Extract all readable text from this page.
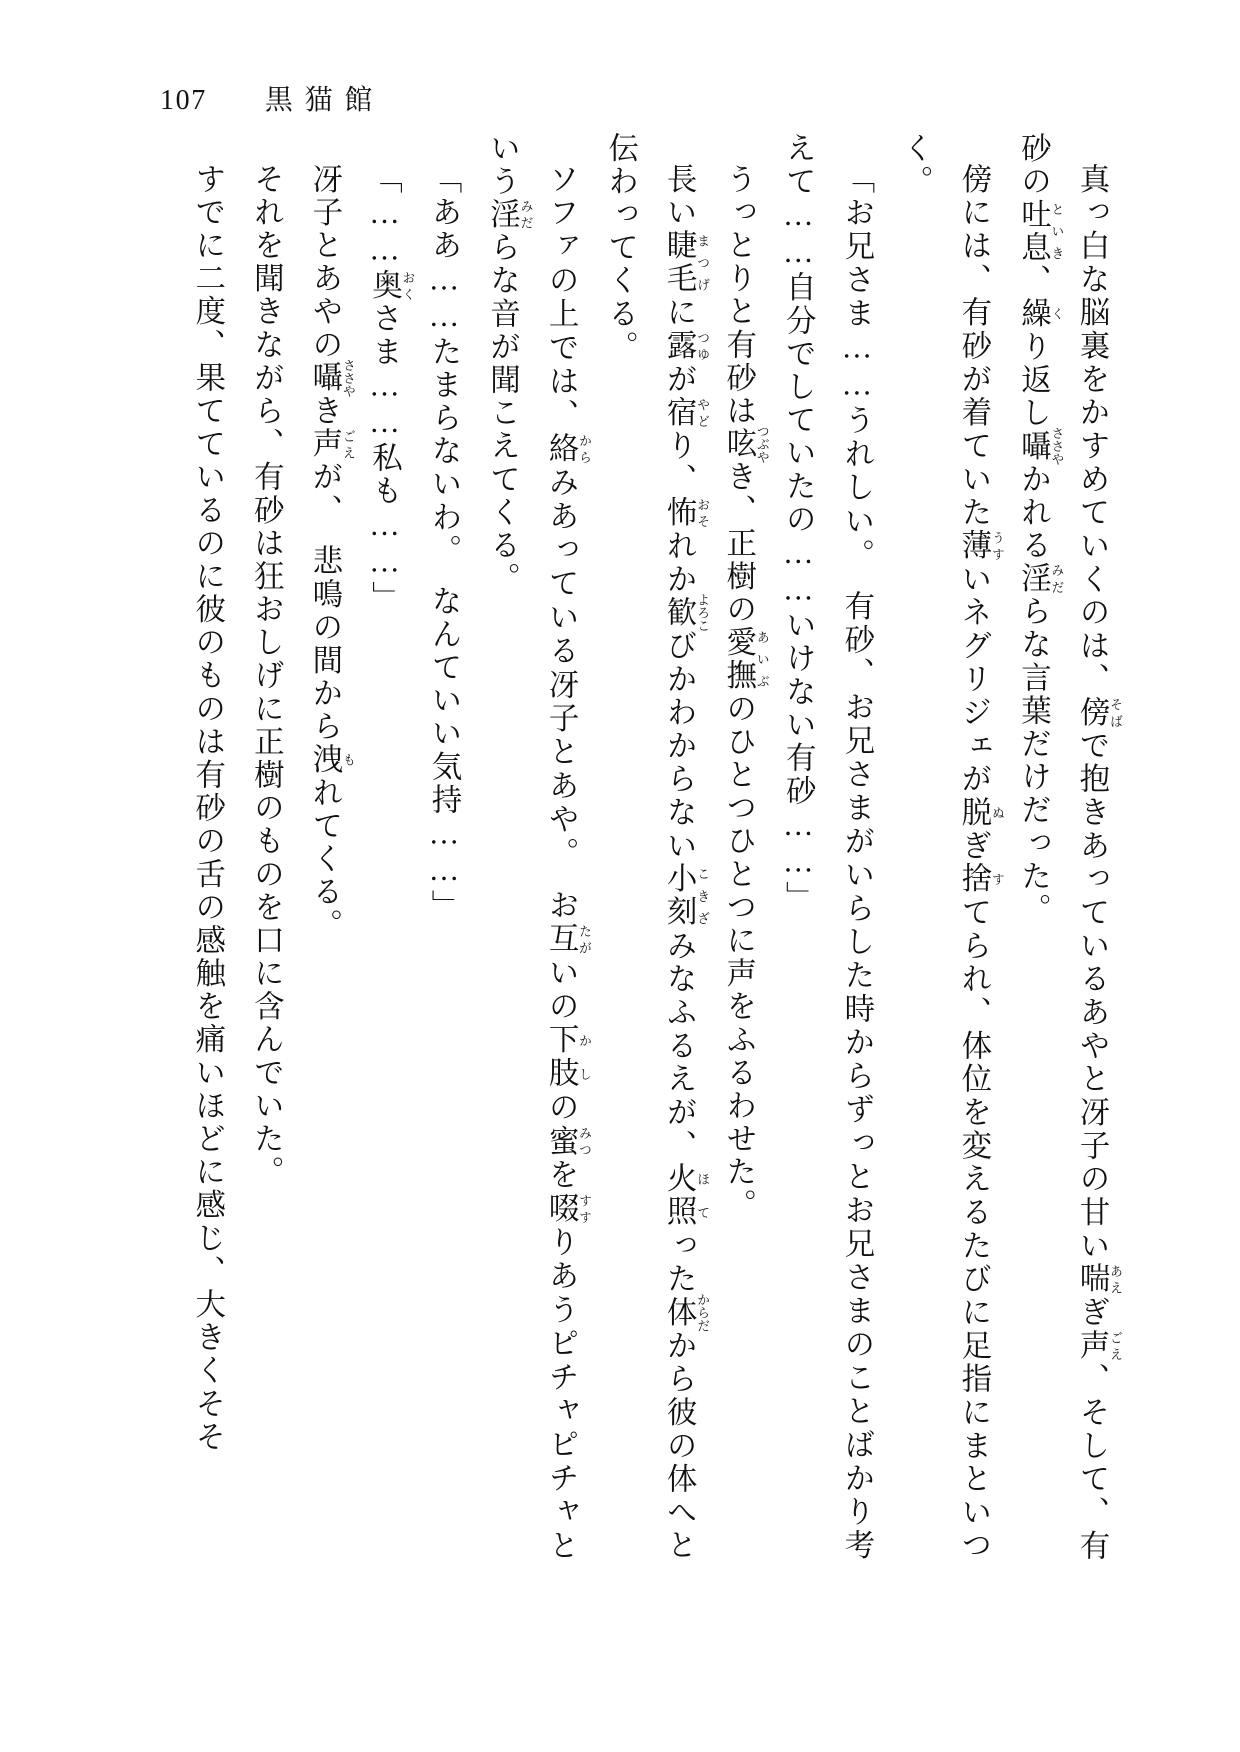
107 黒猫館

真っ白な脳裏をかすめていくのは、傍 そばで抱きあっているあやと冴子の甘い喘 あえぎ声 ごえ、そして、有砂の吐息 といき、繰 くり返し囁 ささやかれる淫 みだらな言葉だけだった。

傍には、有砂が着ていた薄 うすいネグリジェが脱 ぬぎ捨 すてられ、体位を変えるたびに足指にまといつく。

「お兄さま……うれしい。　有砂、お兄さまがいらした時からずっとお兄さまのことばかり考えて……自分でしていたの……いけない有砂……」

うっとりと有砂は呟 つぶやき、正樹の愛撫 あいぶのひとつひとつに声をふるわせた。

長い睫毛 まつげに露 つゆが宿 やどり、怖 おそれか歓 よろこびかわからない小刻 こきざみなふるえが、火照 ほてった体 からだから彼の体へと伝わってくる。

ソファの上では、絡 からみあっている冴子とあや。　お互 たがいの下肢 かしの蜜 みつを啜 すすりあうピチャピチャという淫 みだらな音が聞こえてくる。

「ああ……たまらないわ。　なんていい気持……」

「……奥 おくさま……私も……」

冴子とあやの囁 ささやき声 ごえが、　悲鳴の間から洩 もれてくる。

それを聞きながら、有砂は狂おしげに正樹のものを口に含んでいた。

すでに二度、果てているのに彼のものは有砂の舌の感触を痛いほどに感じ、大きくそそ
